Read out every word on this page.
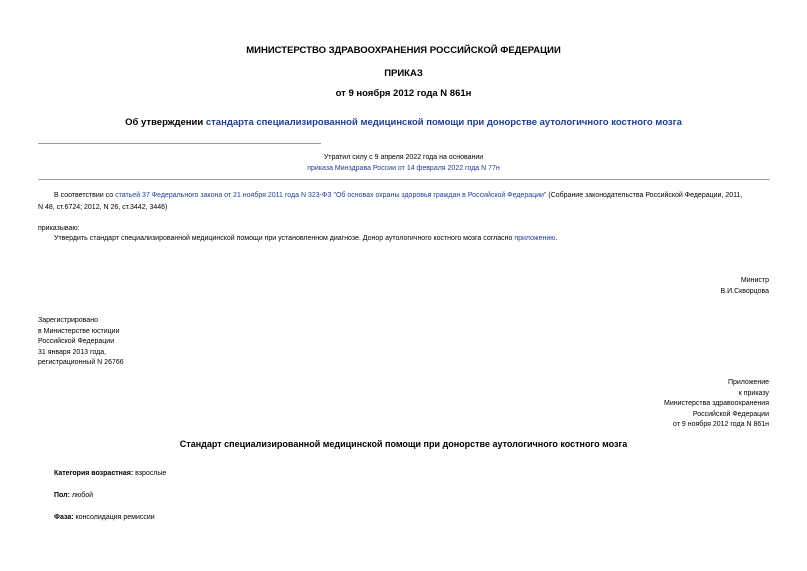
МИНИСТЕРСТВО ЗДРАВООХРАНЕНИЯ РОССИЙСКОЙ ФЕДЕРАЦИИ
ПРИКАЗ
от 9 ноября 2012 года N 861н
Об утверждении стандарта специализированной медицинской помощи при донорстве аутологичного костного мозга
Утратил силу с 9 апреля 2022 года на основании
приказа Минздрава России от 14 февраля 2022 года N 77н
В соответствии со статьей 37 Федерального закона от 21 ноября 2011 года N 323-ФЗ "Об основах охраны здоровья граждан в Российской Федерации" (Собрание законодательства Российской Федерации, 2011,
N 48, ст.6724; 2012, N 26, ст.3442, 3446)
приказываю:
Утвердить стандарт специализированной медицинской помощи при установленном диагнозе. Донор аутологичного костного мозга согласно приложению.
Министр
В.И.Скворцова
Зарегистрировано
в Министерстве юстиции
Российской Федерации
31 января 2013 года,
регистрационный N 26766
Приложение
к приказу
Министерства здравоохранения
Российской Федерации
от 9 ноября 2012 года N 861н
Стандарт специализированной медицинской помощи при донорстве аутологичного костного мозга
Категория возрастная: взрослые
Пол: любой
Фаза: консолидация ремиссии
